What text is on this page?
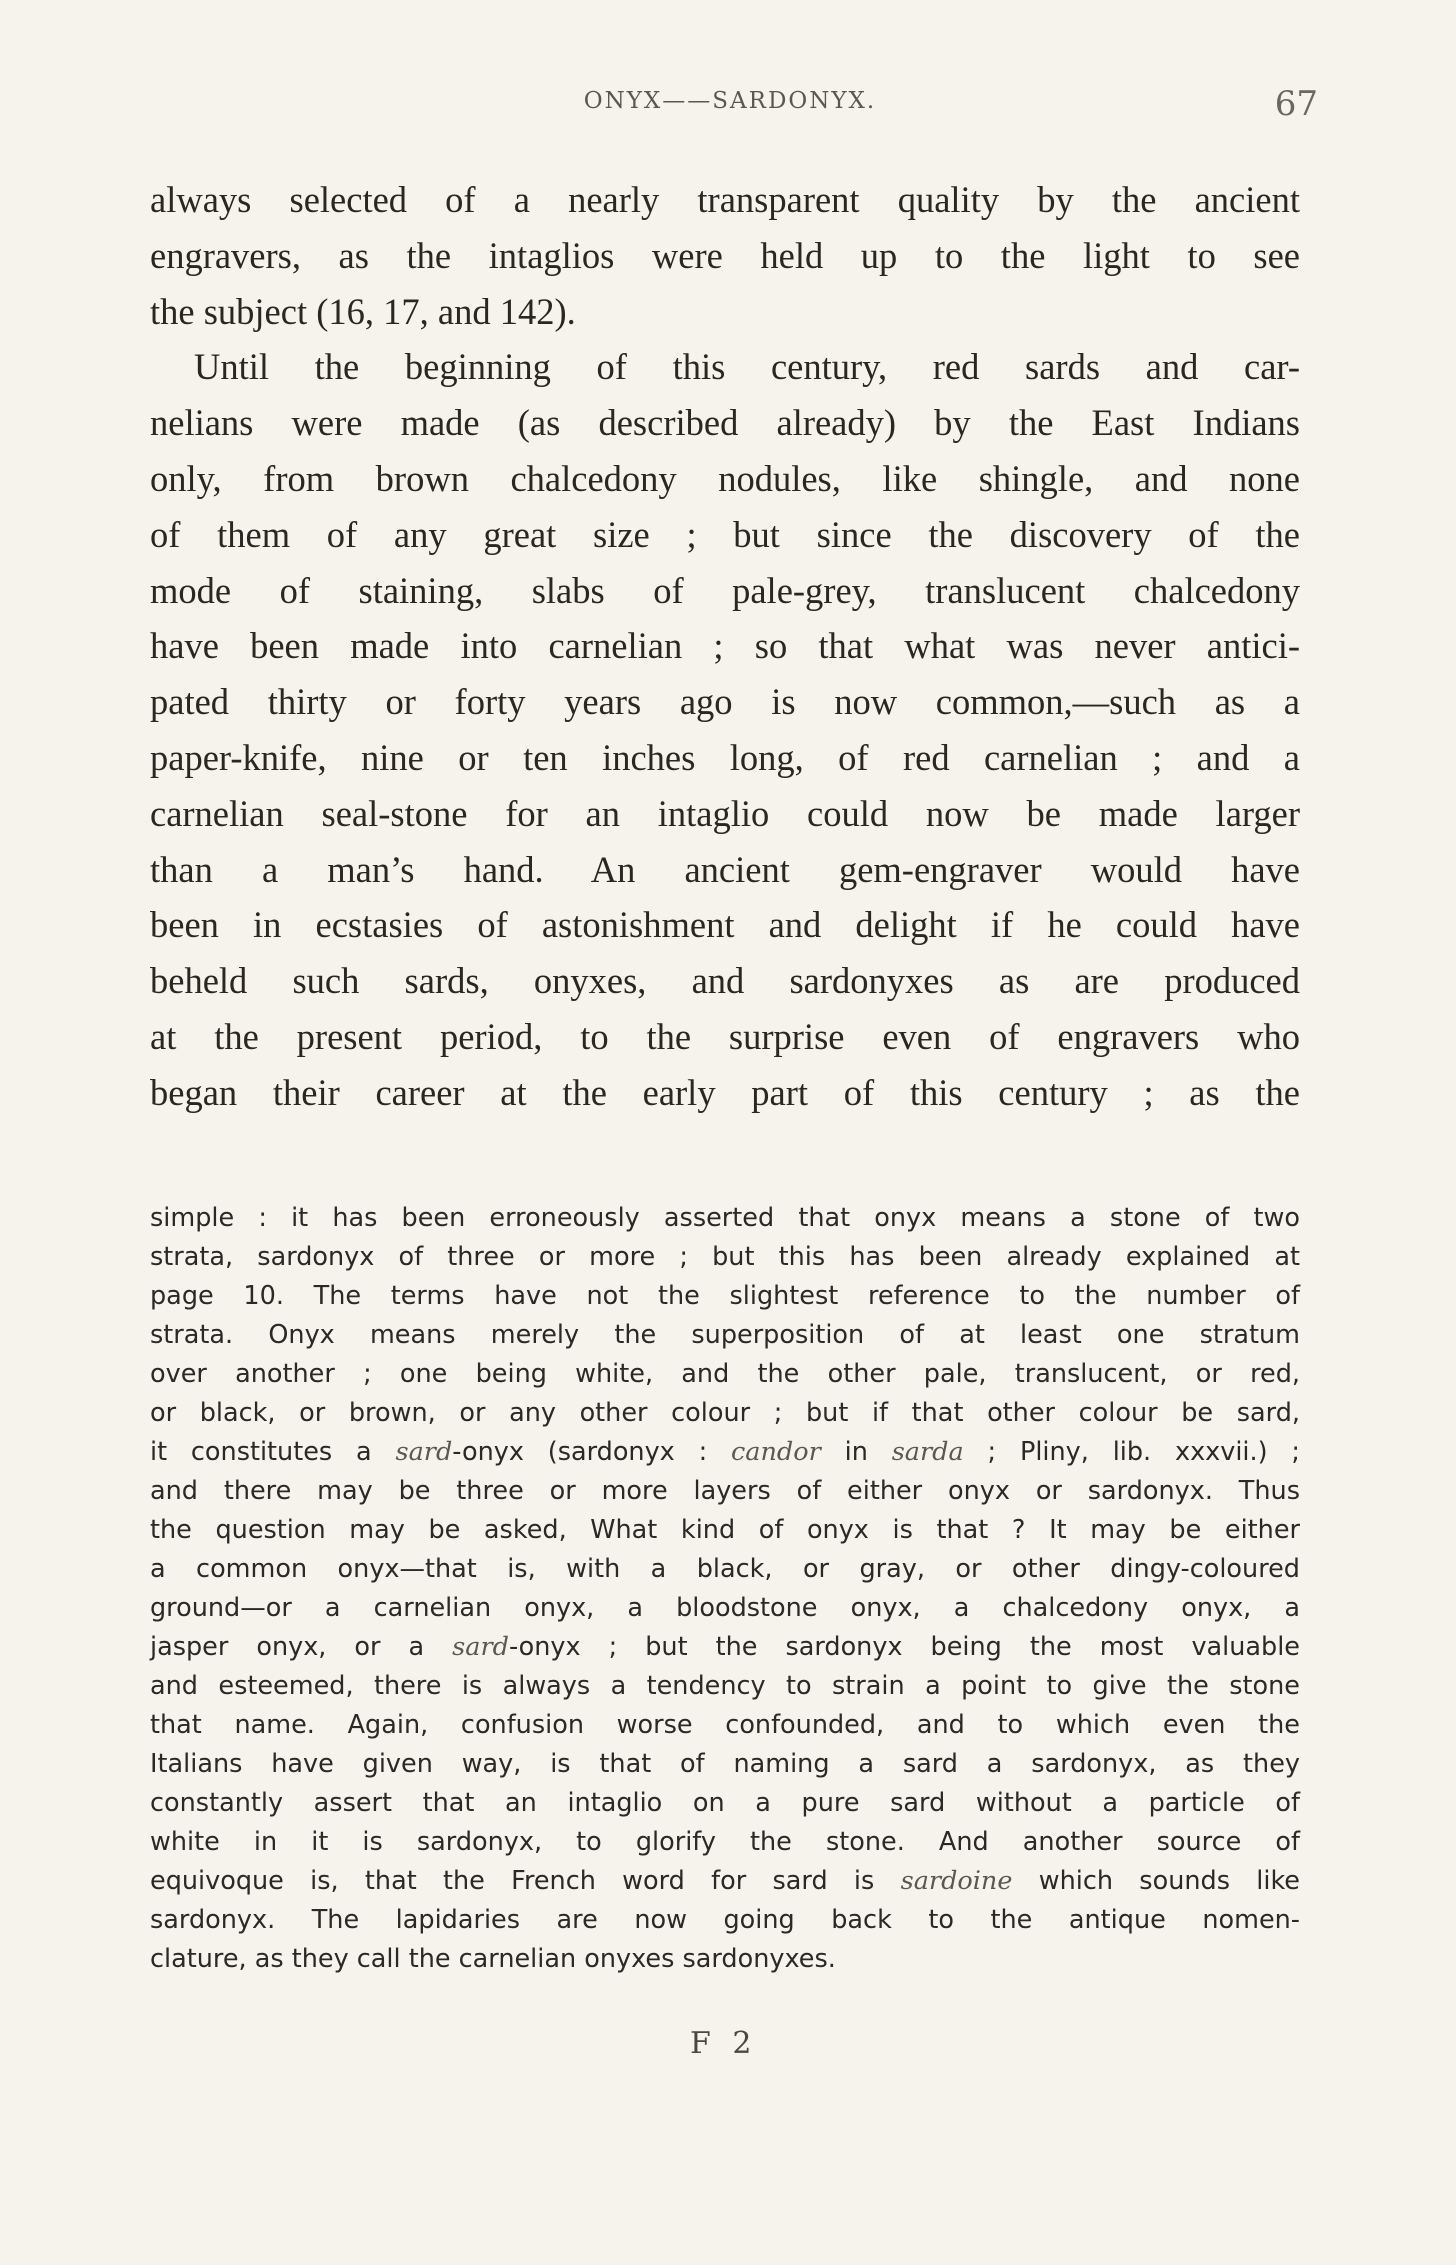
ONYX——SARDONYX.	67
always selected of a nearly transparent quality by the ancient
engravers, as the intaglios were held up to the light to see
the subject (16, 17, and 142).
Until the beginning of this century, red sards and car-
nelians were made (as described already) by the East Indians
only, from brown chalcedony nodules, like shingle, and none
of them of any great size ; but since the discovery of the
mode of staining, slabs of pale-grey, translucent chalcedony
have been made into carnelian ; so that what was never antici-
pated thirty or forty years ago is now common,—such as a
paper-knife, nine or ten inches long, of red carnelian ; and a
carnelian seal-stone for an intaglio could now be made larger
than a man’s hand. An ancient gem-engraver would have
been in ecstasies of astonishment and delight if he could have
beheld such sards, onyxes, and sardonyxes as are produced
at the present period, to the surprise even of engravers who
began their career at the early part of this century ; as the
simple : it has been erroneously asserted that onyx means a stone of two
strata, sardonyx of three or more ; but this has been already explained at
page 10. The terms have not the slightest reference to the number of
strata. Onyx means merely the superposition of at least one stratum
over another ; one being white, and the other pale, translucent, or red,
or black, or brown, or any other colour ; but if that other colour be sard,
it constitutes a sard-onyx (sardonyx : candor in sarda ; Pliny, lib. xxxvii.) ;
and there may be three or more layers of either onyx or sardonyx. Thus
the question may be asked, What kind of onyx is that ? It may be either
a common onyx—that is, with a black, or gray, or other dingy-coloured
ground—or a carnelian onyx, a bloodstone onyx, a chalcedony onyx, a
jasper onyx, or a sard-onyx ; but the sardonyx being the most valuable
and esteemed, there is always a tendency to strain a point to give the stone
that name. Again, confusion worse confounded, and to which even the
Italians have given way, is that of naming a sard a sardonyx, as they
constantly assert that an intaglio on a pure sard without a particle of
white in it is sardonyx, to glorify the stone. And another source of
equivoque is, that the French word for sard is sardoine which sounds like
sardonyx. The lapidaries are now going back to the antique nomen-
clature, as they call the carnelian onyxes sardonyxes.
F 2
